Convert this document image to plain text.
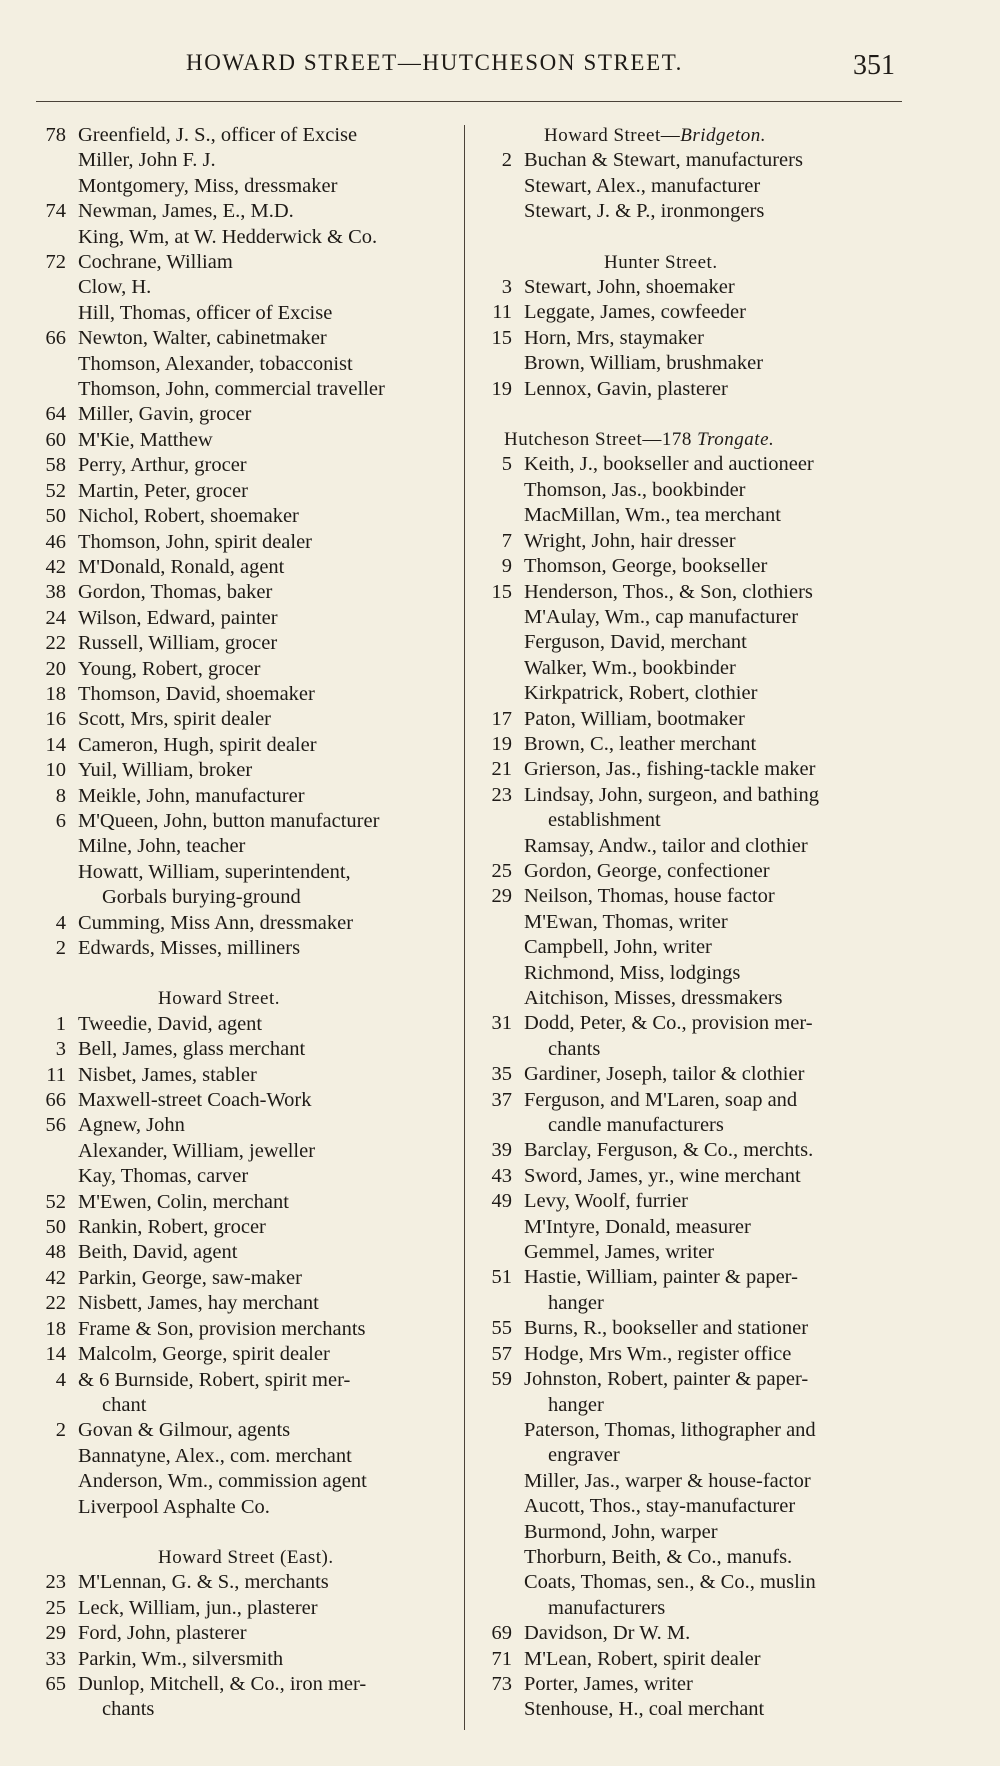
HOWARD STREET—HUTCHESON STREET.	351
78 Greenfield, J. S., officer of Excise
Miller, John F. J.
Montgomery, Miss, dressmaker
74 Newman, James, E., M.D.
King, Wm, at W. Hedderwick & Co.
72 Cochrane, William
Clow, H.
Hill, Thomas, officer of Excise
66 Newton, Walter, cabinetmaker
Thomson, Alexander, tobacconist
Thomson, John, commercial traveller
64 Miller, Gavin, grocer
60 M'Kie, Matthew
58 Perry, Arthur, grocer
52 Martin, Peter, grocer
50 Nichol, Robert, shoemaker
46 Thomson, John, spirit dealer
42 M'Donald, Ronald, agent
38 Gordon, Thomas, baker
24 Wilson, Edward, painter
22 Russell, William, grocer
20 Young, Robert, grocer
18 Thomson, David, shoemaker
16 Scott, Mrs, spirit dealer
14 Cameron, Hugh, spirit dealer
10 Yuil, William, broker
8 Meikle, John, manufacturer
6 M'Queen, John, button manufacturer
Milne, John, teacher
Howatt, William, superintendent,
Gorbals burying-ground
4 Cumming, Miss Ann, dressmaker
2 Edwards, Misses, milliners
Howard Street.
1 Tweedie, David, agent
3 Bell, James, glass merchant
11 Nisbet, James, stabler
66 Maxwell-street Coach-Work
56 Agnew, John
Alexander, William, jeweller
Kay, Thomas, carver
52 M'Ewen, Colin, merchant
50 Rankin, Robert, grocer
48 Beith, David, agent
42 Parkin, George, saw-maker
22 Nisbett, James, hay merchant
18 Frame & Son, provision merchants
14 Malcolm, George, spirit dealer
4 & 6 Burnside, Robert, spirit mer-
chant
2 Govan & Gilmour, agents
Bannatyne, Alex., com. merchant
Anderson, Wm., commission agent
Liverpool Asphalte Co.
Howard Street (East).
23 M'Lennan, G. & S., merchants
25 Leck, William, jun., plasterer
29 Ford, John, plasterer
33 Parkin, Wm., silversmith
65 Dunlop, Mitchell, & Co., iron mer-
chants
Howard Street—Bridgeton.
2 Buchan & Stewart, manufacturers
Stewart, Alex., manufacturer
Stewart, J. & P., ironmongers
Hunter Street.
3 Stewart, John, shoemaker
11 Leggate, James, cowfeeder
15 Horn, Mrs, staymaker
Brown, William, brushmaker
19 Lennox, Gavin, plasterer
Hutcheson Street—178 Trongate.
5 Keith, J., bookseller and auctioneer
Thomson, Jas., bookbinder
MacMillan, Wm., tea merchant
7 Wright, John, hair dresser
9 Thomson, George, bookseller
15 Henderson, Thos., & Son, clothiers
M'Aulay, Wm., cap manufacturer
Ferguson, David, merchant
Walker, Wm., bookbinder
Kirkpatrick, Robert, clothier
17 Paton, William, bootmaker
19 Brown, C., leather merchant
21 Grierson, Jas., fishing-tackle maker
23 Lindsay, John, surgeon, and bathing
establishment
Ramsay, Andw., tailor and clothier
25 Gordon, George, confectioner
29 Neilson, Thomas, house factor
M'Ewan, Thomas, writer
Campbell, John, writer
Richmond, Miss, lodgings
Aitchison, Misses, dressmakers
31 Dodd, Peter, & Co., provision mer-
chants
35 Gardiner, Joseph, tailor & clothier
37 Ferguson, and M'Laren, soap and
candle manufacturers
39 Barclay, Ferguson, & Co., merchts.
43 Sword, James, yr., wine merchant
49 Levy, Woolf, furrier
M'Intyre, Donald, measurer
Gemmel, James, writer
51 Hastie, William, painter & paper-
hanger
55 Burns, R., bookseller and stationer
57 Hodge, Mrs Wm., register office
59 Johnston, Robert, painter & paper-
hanger
Paterson, Thomas, lithographer and
engraver
Miller, Jas., warper & house-factor
Aucott, Thos., stay-manufacturer
Burmond, John, warper
Thorburn, Beith, & Co., manufs.
Coats, Thomas, sen., & Co., muslin
manufacturers
69 Davidson, Dr W. M.
71 M'Lean, Robert, spirit dealer
73 Porter, James, writer
Stenhouse, H., coal merchant
